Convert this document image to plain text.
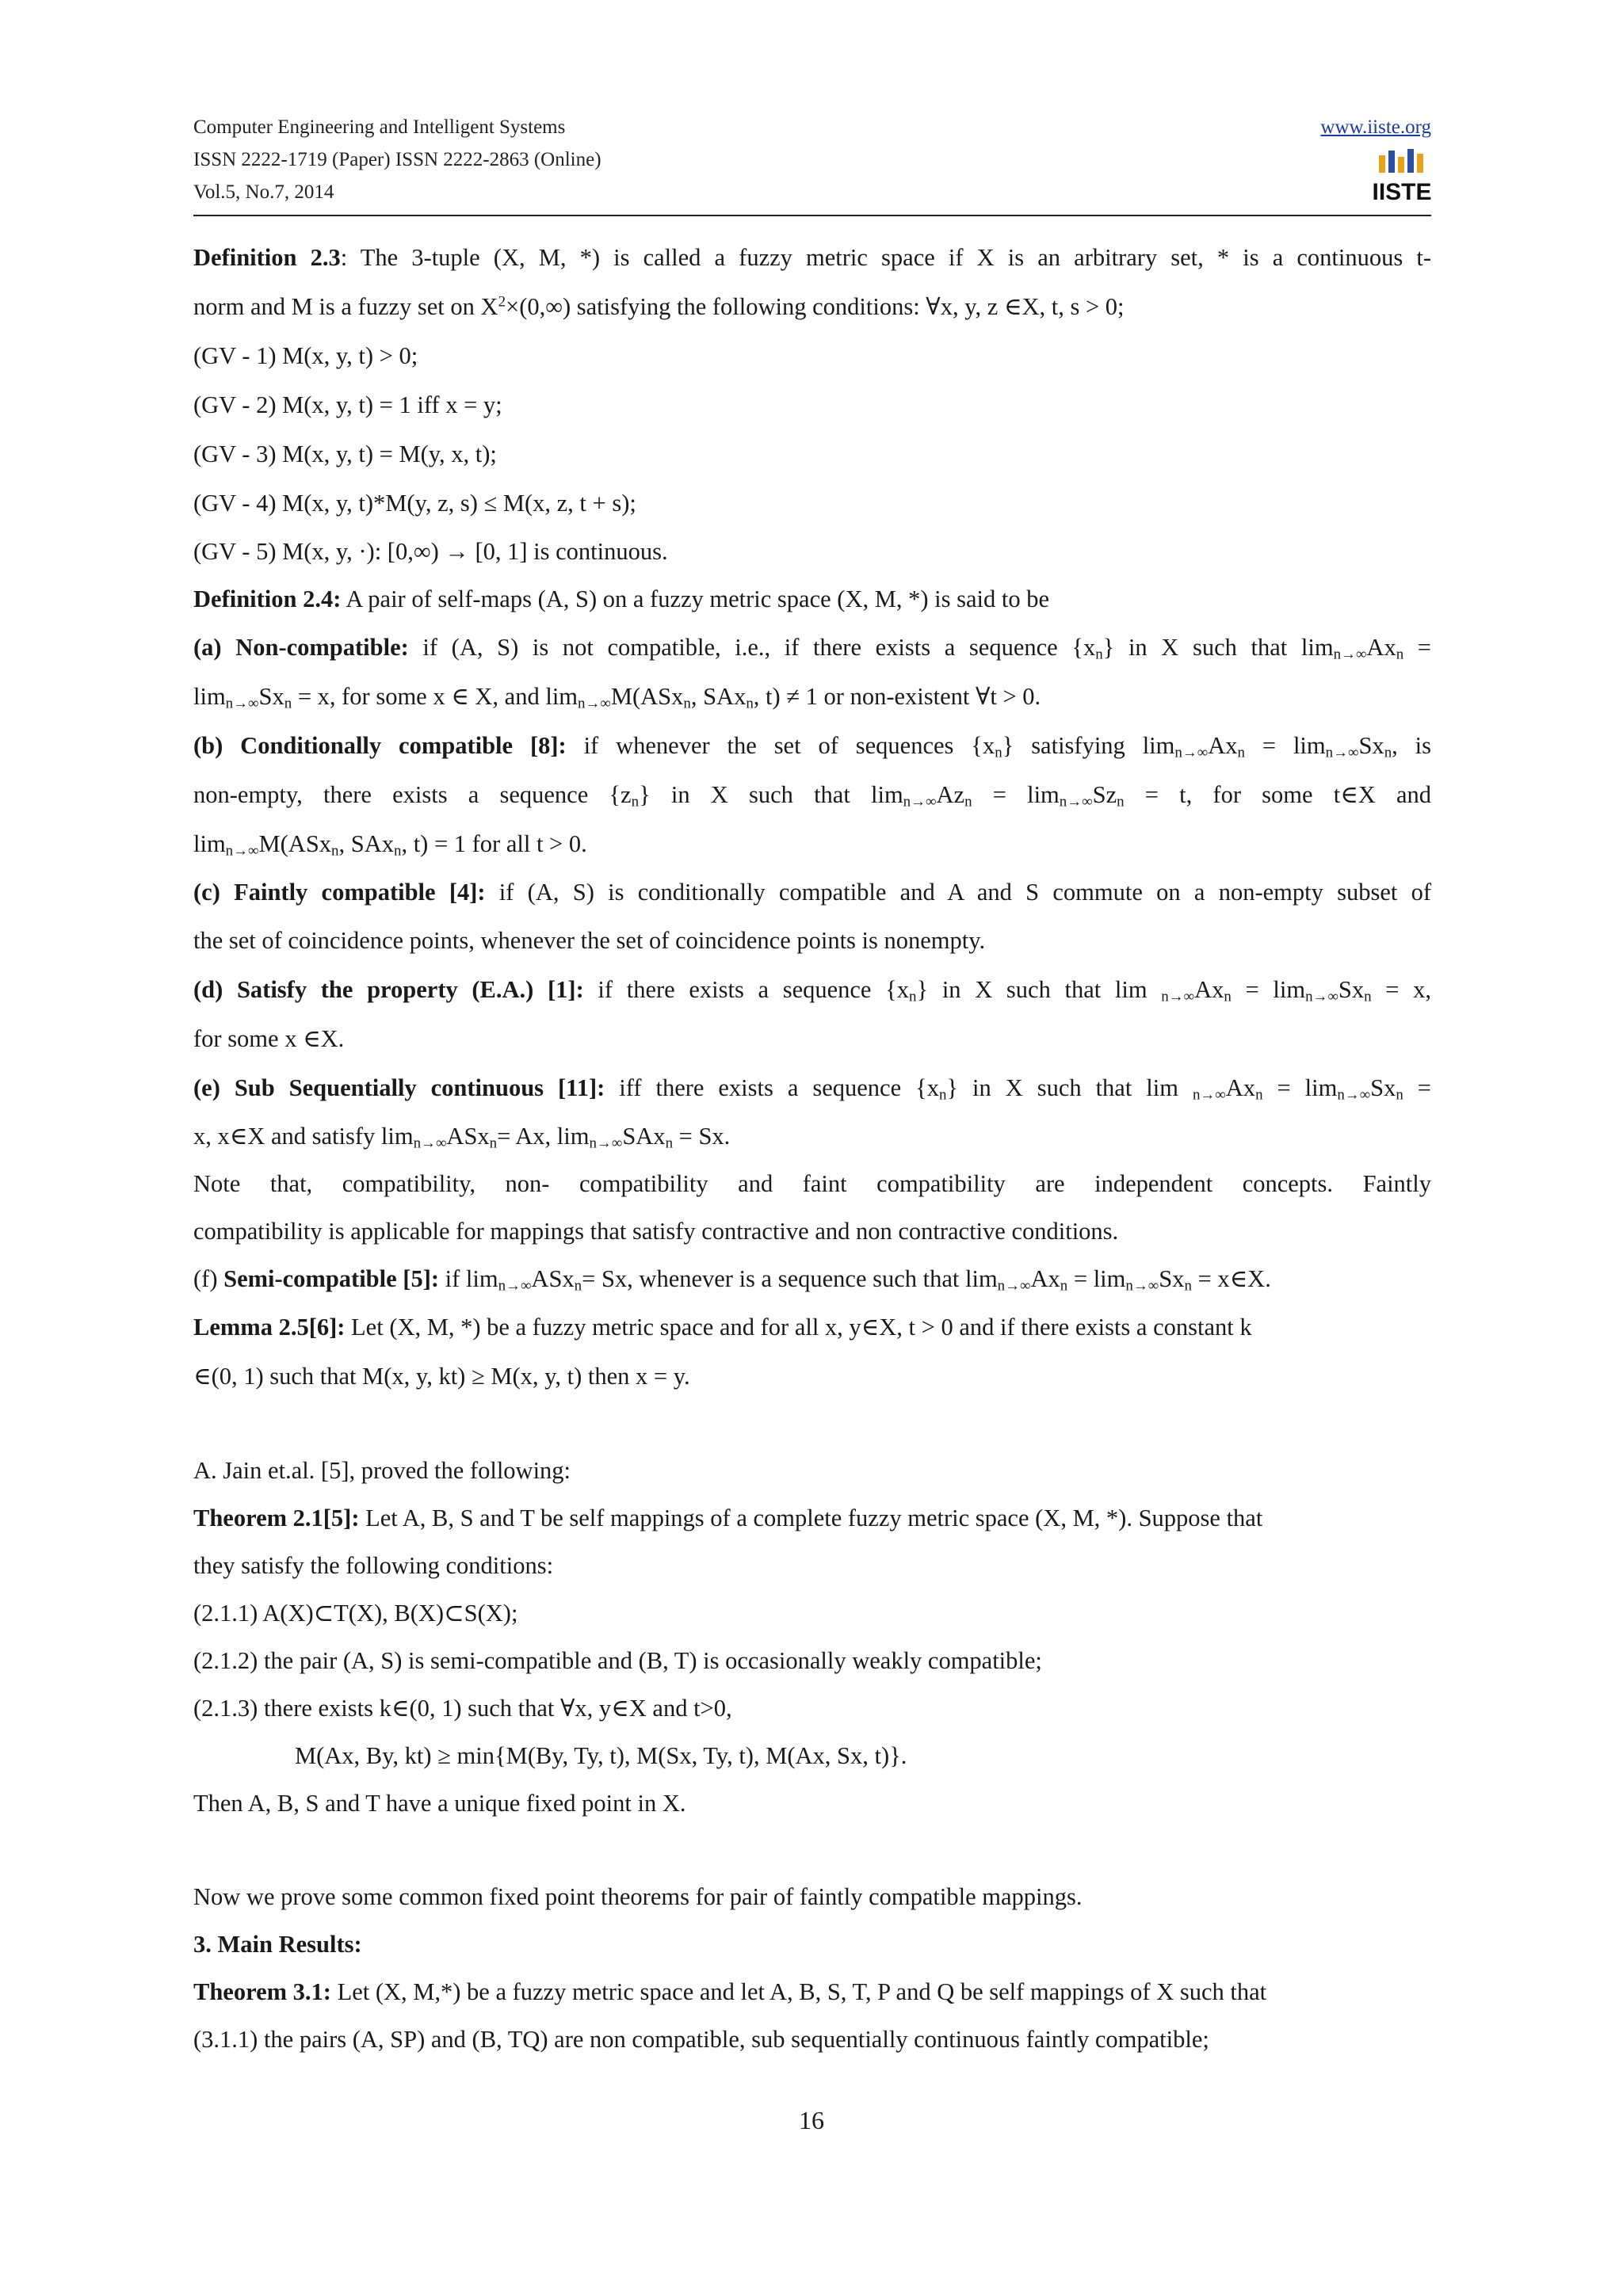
Computer Engineering and Intelligent Systems
ISSN 2222-1719 (Paper) ISSN 2222-2863 (Online)
Vol.5, No.7, 2014
www.iiste.org
IISTE
Definition 2.3: The 3-tuple (X, M, *) is called a fuzzy metric space if X is an arbitrary set, * is a continuous t-
norm and M is a fuzzy set on $X^2\times(0,\infty)$ satisfying the following conditions: ∀x, y, z ∈X, t, s > 0;
(GV - 1) M(x, y, t) > 0;
(GV - 2) M(x, y, t) = 1 iff x = y;
(GV - 3) M(x, y, t) = M(y, x, t);
(GV - 4) M(x, y, t)*M(y, z, s) ≤ M(x, z, t + s);
(GV - 5) M(x, y, ·): [0,∞) → [0, 1] is continuous.
Definition 2.4: A pair of self-maps (A, S) on a fuzzy metric space (X, M, *) is said to be
(a) Non-compatible: if (A, S) is not compatible, i.e., if there exists a sequence $\{x_n\}$ in X such that $\lim_{n\to\infty}Ax_n$ =
$\lim_{n\to\infty}Sx_n = x$, for some x ∈ X, and $\lim_{n\to\infty}M(ASx_n$, SAx$_n$, t) ≠ 1 or non-existent ∀t > 0.
(b) Conditionally compatible [8]: if whenever the set of sequences $\{x_n\}$ satisfying $\lim_{n\to\infty}Ax_n = \lim_{n\to\infty}Sx_n$, is
non-empty, there exists a sequence $\{z_n\}$ in X such that $\lim_{n\to\infty}Az_n = \lim_{n\to\infty}Sz_n = t$, for some t∈X and
$\lim_{n\to\infty}M(ASx_n$, SAx$_n$, t) = 1 for all t > 0.
(c) Faintly compatible [4]: if (A, S) is conditionally compatible and A and S commute on a non-empty subset of
the set of coincidence points, whenever the set of coincidence points is nonempty.
(d) Satisfy the property (E.A.) [1]: if there exists a sequence $\{x_n\}$ in X such that $\lim _{n\to\infty}Ax_n = \lim_{n\to\infty}Sx_n = x$,
for some x ∈X.
(e) Sub Sequentially continuous [11]: iff there exists a sequence $\{x_n\}$ in X such that $\lim _{n\to\infty}Ax_n = \lim_{n\to\infty}Sx_n$ =
x, x∈X and satisfy $\lim_{n\to\infty}ASx_n= Ax$, $\lim_{n\to\infty}SAx_n = Sx$.
Note that, compatibility, non- compatibility and faint compatibility are independent concepts. Faintly
compatibility is applicable for mappings that satisfy contractive and non contractive conditions.
(f) Semi-compatible [5]: if $\lim_{n\to\infty}ASx_n= Sx$, whenever is a sequence such that $\lim_{n\to\infty}Ax_n = \lim_{n\to\infty}Sx_n$ = x∈X.
Lemma 2.5[6]: Let (X, M, *) be a fuzzy metric space and for all x, y∈X, t > 0 and if there exists a constant k
∈(0, 1) such that M(x, y, kt) ≥ M(x, y, t) then x = y.
A. Jain et.al. [5], proved the following:
Theorem 2.1[5]: Let A, B, S and T be self mappings of a complete fuzzy metric space (X, M, *). Suppose that
they satisfy the following conditions:
(2.1.1) A(X)⊂T(X), B(X)⊂S(X);
(2.1.2) the pair (A, S) is semi-compatible and (B, T) is occasionally weakly compatible;
(2.1.3) there exists k∈(0, 1) such that ∀x, y∈X and t>0,
M(Ax, By, kt) ≥ min{M(By, Ty, t), M(Sx, Ty, t), M(Ax, Sx, t)}.
Then A, B, S and T have a unique fixed point in X.
Now we prove some common fixed point theorems for pair of faintly compatible mappings.
3. Main Results:
Theorem 3.1: Let (X, M,*) be a fuzzy metric space and let A, B, S, T, P and Q be self mappings of X such that
(3.1.1) the pairs (A, SP) and (B, TQ) are non compatible, sub sequentially continuous faintly compatible;
16
